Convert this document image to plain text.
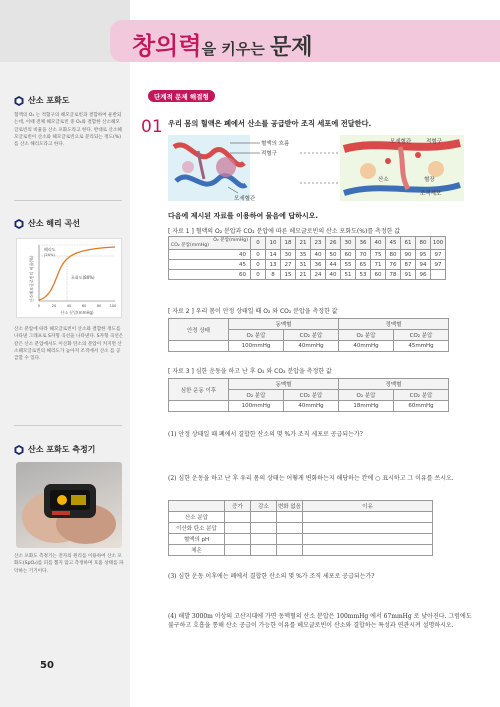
창의력을 키우는 문제
산소 포화도
혈액의 O₂ 는 적혈구의 헤모글로빈과 결합하여 운반되는데, 이때 전체 헤모글로빈 중 O₂와 결합한 산소헤모글로빈의 비율을 산소 포화도라고 한다. 반대로 산소헤모글로빈이 산소와 헤모글로빈으로 분리되는 정도(%)를 산소 해리도라고 한다.
산소 해리 곡선
산소헤모글로빈의 비율(%)
해리도
(20%)
포화도(80%)
0	20	40	60	80 100
산소 분압(mmHg)
산소 분압에 따라 헤모글로빈이 산소와 결합한 정도를 나타낸 그래프로 S자형 곡선을 나타낸다. S자형 곡선은 같은 산소 분압에서도 이산화 탄소의 분압이 커지면 산소헤모글로빈의 해리도가 높아져 조직에서 산소 를 공급할 수 있다.
산소 포화도 측정기
산소 포화도 측정기는 전자의 원리를 이용하여 산소 포화도(SpO₂)를 피를 뽑지 않고 측정하며 호흡 상태를 파악하는 기기이다.
50
단계적 문제 해결형
01 우리 몸의 혈액은 폐에서 산소를 공급받아 조직 세포에 전달한다.
혈액의 흐름
적혈구
모세혈관
모세혈관	적혈구
산소	혈장
조직세포
다음에 제시된 자료를 이용하여 물음에 답하시오.
[ 자료 1 ] 혈액의 O₂ 분압과 CO₂ 분압에 따른 헤모글로빈의 산소 포화도(%)를 측정한 값
O₂ 분압(mmHg)
CO₂ 분압(mmHg)	0	10	18	21	23	26	30	36	40	45	61	80	100
40	0	14	30	35	40	50	60	70	75	80	90	95	97
45	0	13	27	31	36	44	55	65	71	76	87	94	97
60	0	8	15	21	24	40	51	53	60	78	91	96	
[ 자료 2 ] 우리 몸이 안정 상태일 때 O₂ 와 CO₂ 분압을 측정한 값
안정 상태	동맥혈		정맥혈	
	O₂ 분압	CO₂ 분압	O₂ 분압	CO₂ 분압
	100mmHg	40mmHg	40mmHg	45mmHg
[ 자료 3 ] 심한 운동을 하고 난 후 O₂ 와 CO₂ 분압을 측정한 값
심한 운동 이후	동맥혈		정맥혈	
	O₂ 분압	CO₂ 분압	O₂ 분압	CO₂ 분압
	100mmHg	40mmHg	18mmHg	60mmHg
(1) 안정 상태일 때 폐에서 결합한 산소의 몇 %가 조직 세포로 공급되는가?
(2) 심한 운동을 하고 난 후 우리 몸의 상태는 어떻게 변화하는지 해당하는 칸에 ○ 표시하고 그 이유를 쓰시오.
	증가	감소	변화 없음	이유
산소 분압				
이산화 탄소 분압				
혈액의 pH				
체온				
(3) 심한 운동 이후에는 폐에서 결합한 산소의 몇 %가 조직 세포로 공급되는가?
(4) 해발 3000m 이상의 고산지대에 가면 동맥혈의 산소 분압은 100mmHg 에서 67mmHg 로 낮아진다. 그럼에도 불구하고 호흡을 통해 산소 공급이 가능한 이유를 헤모글로빈이 산소와 결합하는 특성과 연관시켜 설명하시오.
